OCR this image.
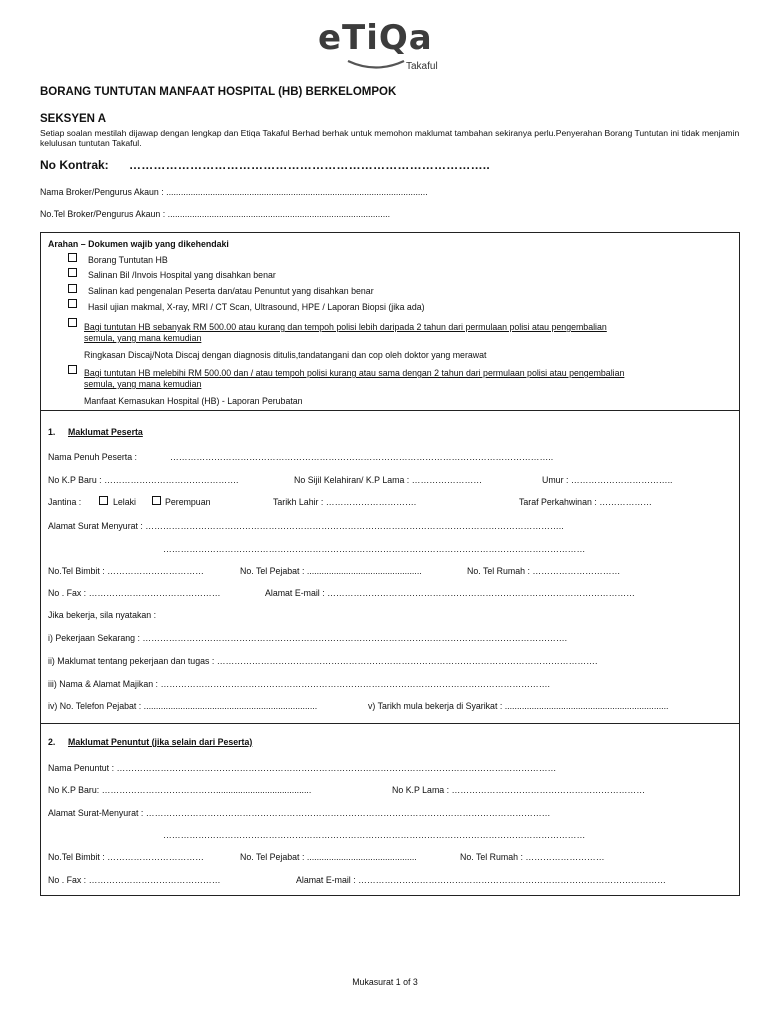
eTiQa
Takaful
BORANG TUNTUTAN MANFAAT HOSPITAL (HB) BERKELOMPOK
SEKSYEN A
Setiap soalan mestilah dijawap dengan lengkap dan Etiqa Takaful Berhad berhak untuk memohon maklumat tambahan sekiranya perlu.Penyerahan Borang Tuntutan ini tidak menjamin kelulusan tuntutan Takaful.
No Kontrak: ……………………………………………………………………………..
Nama Broker/Pengurus Akaun : ...........................................................................................................
No.Tel Broker/Pengurus Akaun : ...........................................................................................
Arahan – Dokumen wajib yang dikehendaki
Borang Tuntutan HB
Salinan Bil /Invois Hospital yang disahkan benar
Salinan kad pengenalan Peserta dan/atau Penuntut yang disahkan benar
Hasil ujian makmal, X-ray, MRI / CT Scan, Ultrasound, HPE / Laporan Biopsi (jika ada)
Bagi tuntutan HB sebanyak RM 500.00 atau kurang dan tempoh polisi lebih daripada 2 tahun dari permulaan polisi atau pengembalian
semula, yang mana kemudian
Ringkasan Discaj/Nota Discaj dengan diagnosis ditulis,tandatangani dan cop oleh doktor yang merawat
Bagi tuntutan HB melebihi RM 500.00 dan / atau tempoh polisi kurang atau sama dengan 2 tahun dari permulaan polisi atau pengembalian
semula, yang mana kemudian
Manfaat Kemasukan Hospital (HB) - Laporan Perubatan
1. Maklumat Peserta
Nama Penuh Peserta :	…………………………………………………………………………………………………………………..
No K.P Baru : ……………………………………….	No Sijil Kelahiran/ K.P Lama : ……………………	Umur : ……………………………..
Jantina :	Lelaki	Perempuan	Tarikh Lahir : ………………………….	Taraf Perkahwinan : ………………
Alamat Surat Menyurat : ……………………………………………………………………………………………………………………………..
………………………………………………………………………………………………………………………………
No.Tel Bimbit : ……………………………	No. Tel Pejabat : ...............................................	No. Tel Rumah : …………………………
No . Fax : ………………………………………	Alamat E-mail : ……………………………………………………………………………………………
Jika bekerja, sila nyatakan :
i) Pekerjaan Sekarang : ……………………………………………………………………………………………………………………………….
ii) Maklumat tentang pekerjaan dan tugas : ………………………………………………………………………………………………………………….
iii) Nama & Alamat Majikan : …………………………………………………………………………………………………………………….
iv) No. Telefon Pejabat : .......................................................................	v) Tarikh mula bekerja di Syarikat : ...................................................................
2. Maklumat Penuntut (jika selain dari Peserta)
Nama Penuntut : ……………………………………………………………………………………………………………………………………
No K.P Baru: ………………………………….......................................	No K.P Lama : …………………………………………………………
Alamat Surat-Menyurat : …………………………………………………………………………………………………………………………
………………………………………………………………………………………………………………………………
No.Tel Bimbit : ……………………………	No. Tel Pejabat : .............................................	No. Tel Rumah : ………………………
No . Fax : ………………………………………	Alamat E-mail : ……………………………………………………………………………………………
Mukasurat 1 of 3
